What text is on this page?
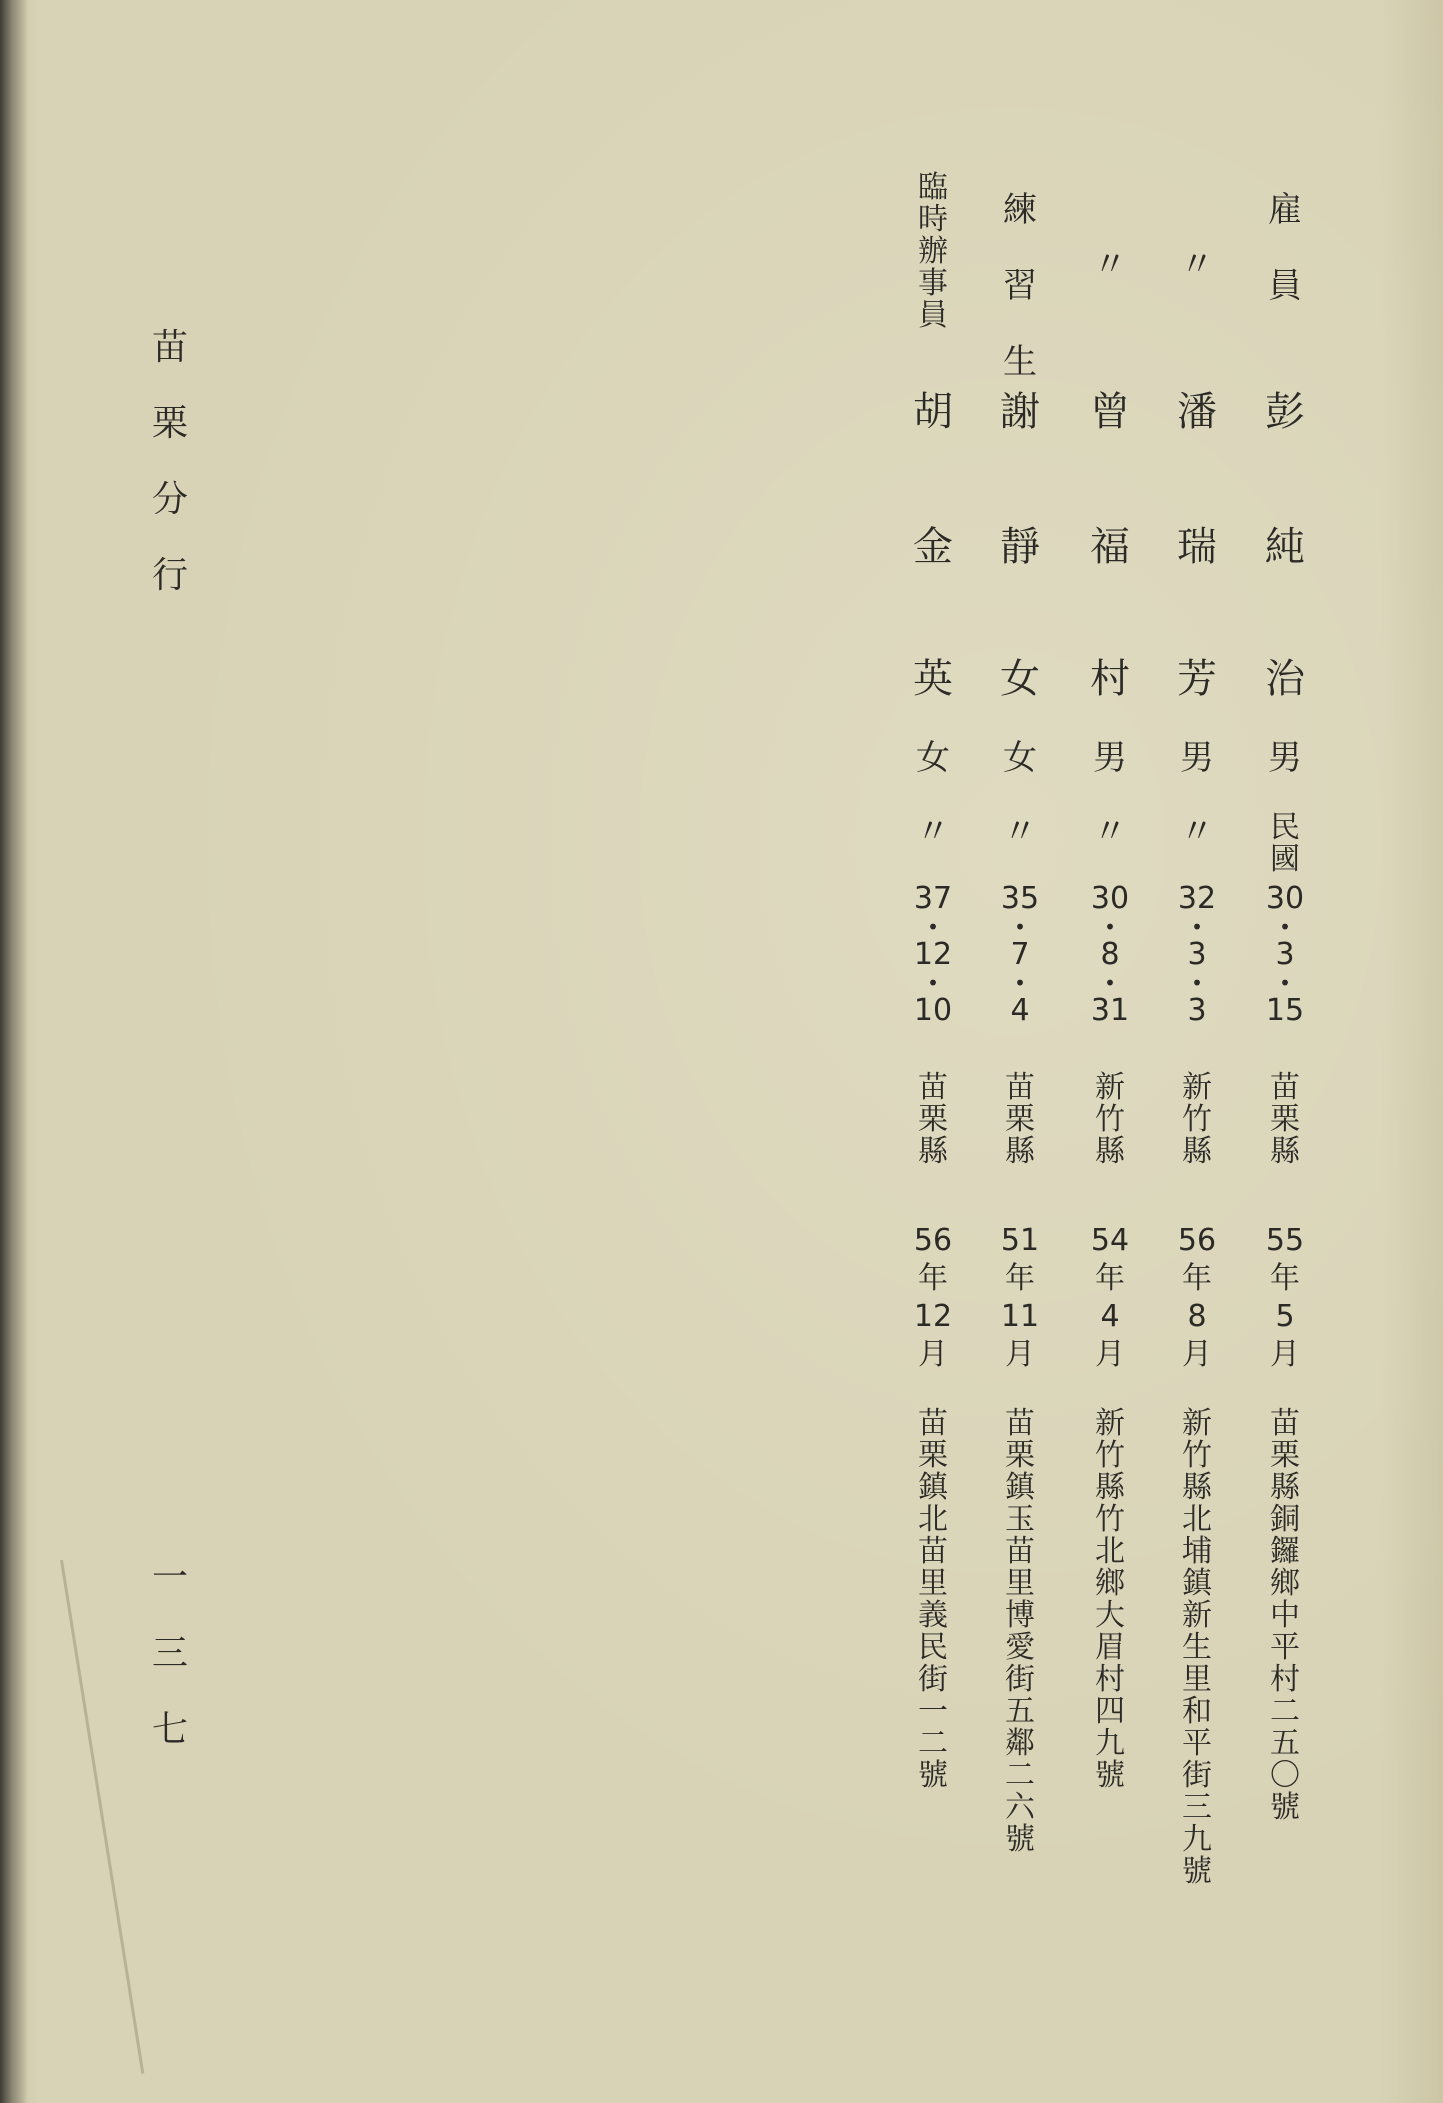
苗
栗
分
行
一
三
七
雇
員
彭
純
治
男
民
國
30
•
3
•
15
苗
栗
縣
55
年
5
月
苗
栗
縣
銅
鑼
鄉
中
平
村
二
五
〇
號
〃
潘
瑞
芳
男
〃
32
•
3
•
3
新
竹
縣
56
年
8
月
新
竹
縣
北
埔
鎮
新
生
里
和
平
街
三
九
號
〃
曾
福
村
男
〃
30
•
8
•
31
新
竹
縣
54
年
4
月
新
竹
縣
竹
北
鄉
大
眉
村
四
九
號
練
習
生
謝
靜
女
女
〃
35
•
7
•
4
苗
栗
縣
51
年
11
月
苗
栗
鎮
玉
苗
里
博
愛
街
五
鄰
二
六
號
臨
時
辦
事
員
胡
金
英
女
〃
37
•
12
•
10
苗
栗
縣
56
年
12
月
苗
栗
鎮
北
苗
里
義
民
街
一
二
號
